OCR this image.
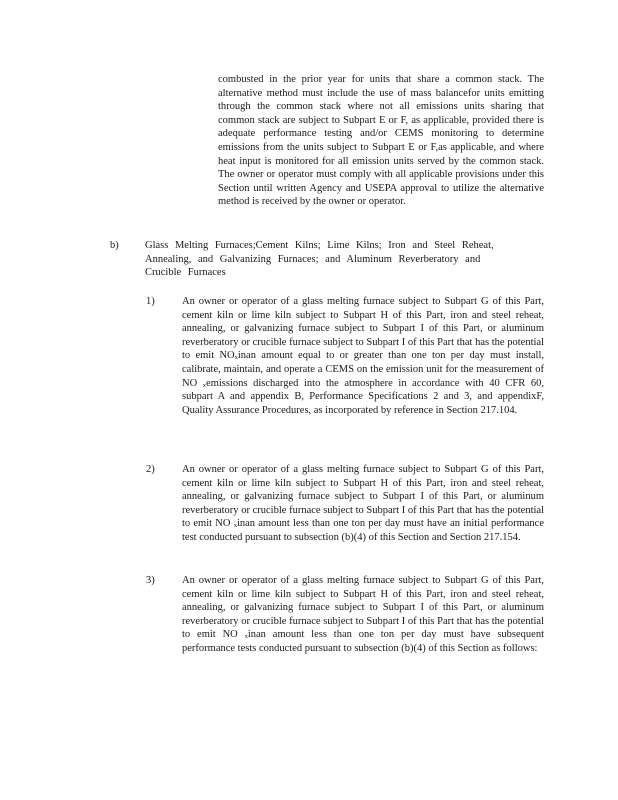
combusted in the prior year for units that share a common stack. The alternative method must include the use of mass balancefor units emitting through the common stack where not all emissions units sharing that common stack are subject to Subpart E or F, as applicable, provided there is adequate performance testing and/or CEMS monitoring to determine emissions from the units subject to Subpart E or F,as applicable, and where heat input is monitored for all emission units served by the common stack. The owner or operator must comply with all applicable provisions under this Section until written Agency and USEPA approval to utilize the alternative method is received by the owner or operator.

b)	Glass Melting Furnaces;Cement Kilns; Lime Kilns; Iron and Steel Reheat, Annealing, and Galvanizing Furnaces; and Aluminum Reverberatory and Crucible Furnaces

1)	An owner or operator of a glass melting furnace subject to Subpart G of this Part, cement kiln or lime kiln subject to Subpart H of this Part, iron and steel reheat, annealing, or galvanizing furnace subject to Subpart I of this Part, or aluminum reverberatory or crucible furnace subject to Subpart I of this Part that has the potential to emit $NO_xinan$ amount equal to or greater than one ton per day must install, calibrate, maintain, and operate a CEMS on the emission unit for the measurement of NO $_x$emissions discharged into the atmosphere in accordance with 40 CFR 60, subpart A and appendix B, Performance Specifications 2 and 3, and appendixF, Quality Assurance Procedures, as incorporated by reference in Section 217.104.

2)	An owner or operator of a glass melting furnace subject to Subpart G of this Part, cement kiln or lime kiln subject to Subpart H of this Part, iron and steel reheat, annealing, or galvanizing furnace subject to Subpart I of this Part, or aluminum reverberatory or crucible furnace subject to Subpart I of this Part that has the potential to emit NO $_x$inan amount less than one ton per day must have an initial performance test conducted pursuant to subsection (b)(4) of this Section and Section 217.154.

3)	An owner or operator of a glass melting furnace subject to Subpart G of this Part, cement kiln or lime kiln subject to Subpart H of this Part, iron and steel reheat, annealing, or galvanizing furnace subject to Subpart I of this Part, or aluminum reverberatory or crucible furnace subject to Subpart I of this Part that has the potential to emit NO $_x$inan amount less than one ton per day must have subsequent performance tests conducted pursuant to subsection (b)(4) of this Section as follows:
